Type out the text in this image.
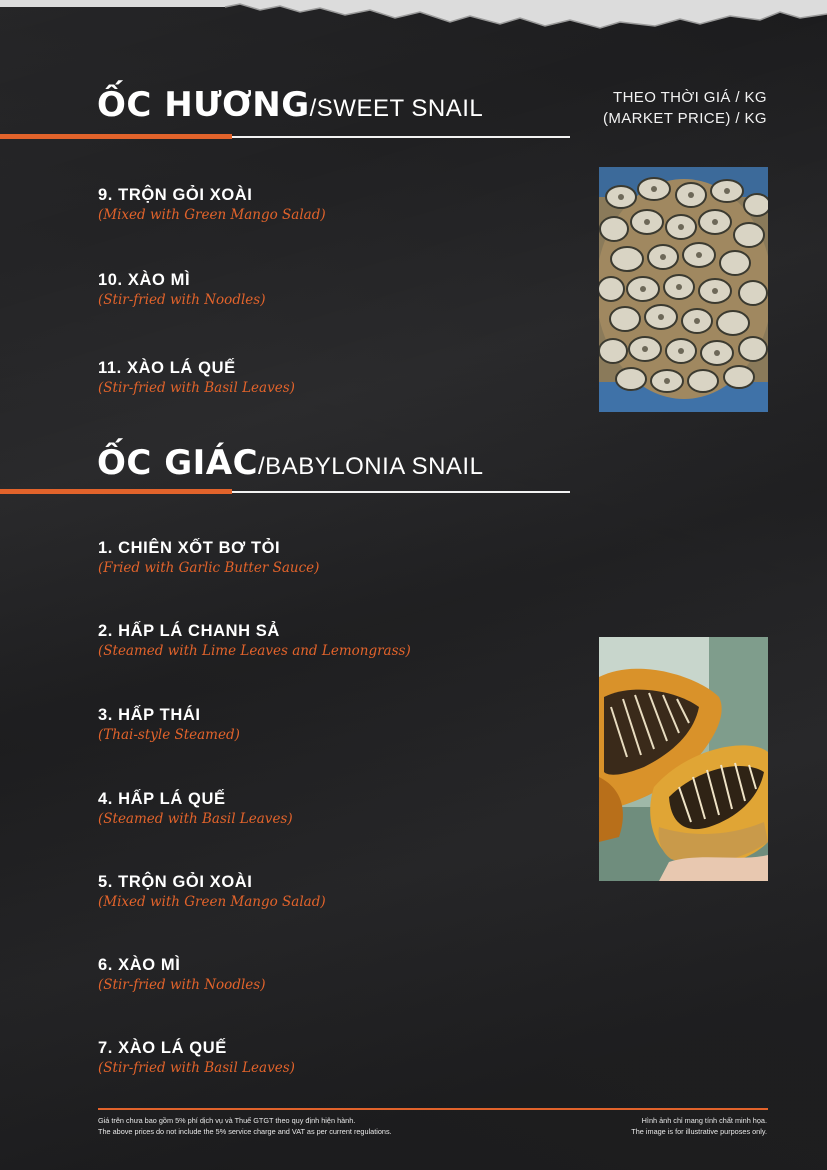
THEO THỜI GIÁ / KG
(MARKET PRICE) / KG
ỐC HƯƠNG/SWEET SNAIL
9. TRỘN GỎI XOÀI
(Mixed with Green Mango Salad)
10. XÀO MÌ
(Stir-fried with Noodles)
11. XÀO LÁ QUẾ
(Stir-fried with Basil Leaves)
ỐC GIÁC/BABYLONIA SNAIL
1. CHIÊN XỐT BƠ TỎI
(Fried with Garlic Butter Sauce)
2. HẤP LÁ CHANH SẢ
(Steamed with Lime Leaves and Lemongrass)
3. HẤP THÁI
(Thai-style Steamed)
4. HẤP LÁ QUẾ
(Steamed with Basil Leaves)
5. TRỘN GỎI XOÀI
(Mixed with Green Mango Salad)
6. XÀO MÌ
(Stir-fried with Noodles)
7. XÀO LÁ QUẾ
(Stir-fried with Basil Leaves)
Giá trên chưa bao gồm 5% phí dịch vụ và Thuế GTGT theo quy định hiện hành.
The above prices do not include the 5% service charge and VAT as per current regulations.
Hình ảnh chỉ mang tính chất minh họa.
The image is for illustrative purposes only.
